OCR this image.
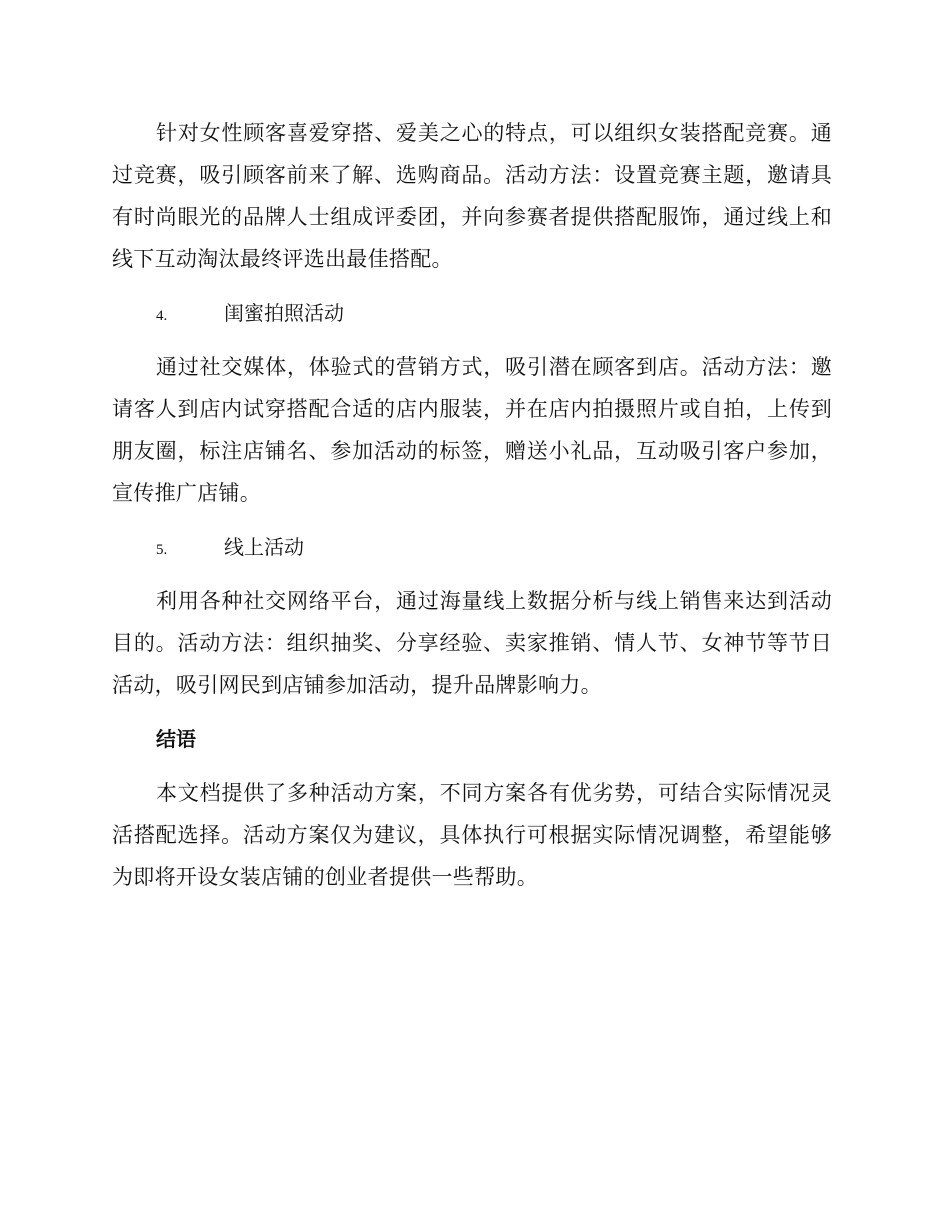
针对女性顾客喜爱穿搭、爱美之心的特点，可以组织女装搭配竞赛。通过竞赛，吸引顾客前来了解、选购商品。活动方法：设置竞赛主题，邀请具有时尚眼光的品牌人士组成评委团，并向参赛者提供搭配服饰，通过线上和线下互动淘汰最终评选出最佳搭配。

4.	闺蜜拍照活动

通过社交媒体，体验式的营销方式，吸引潜在顾客到店。活动方法：邀请客人到店内试穿搭配合适的店内服装，并在店内拍摄照片或自拍，上传到朋友圈，标注店铺名、参加活动的标签，赠送小礼品，互动吸引客户参加，宣传推广店铺。

5.	线上活动

利用各种社交网络平台，通过海量线上数据分析与线上销售来达到活动目的。活动方法：组织抽奖、分享经验、卖家推销、情人节、女神节等节日活动，吸引网民到店铺参加活动，提升品牌影响力。

结语

本文档提供了多种活动方案，不同方案各有优劣势，可结合实际情况灵活搭配选择。活动方案仅为建议，具体执行可根据实际情况调整，希望能够为即将开设女装店铺的创业者提供一些帮助。
